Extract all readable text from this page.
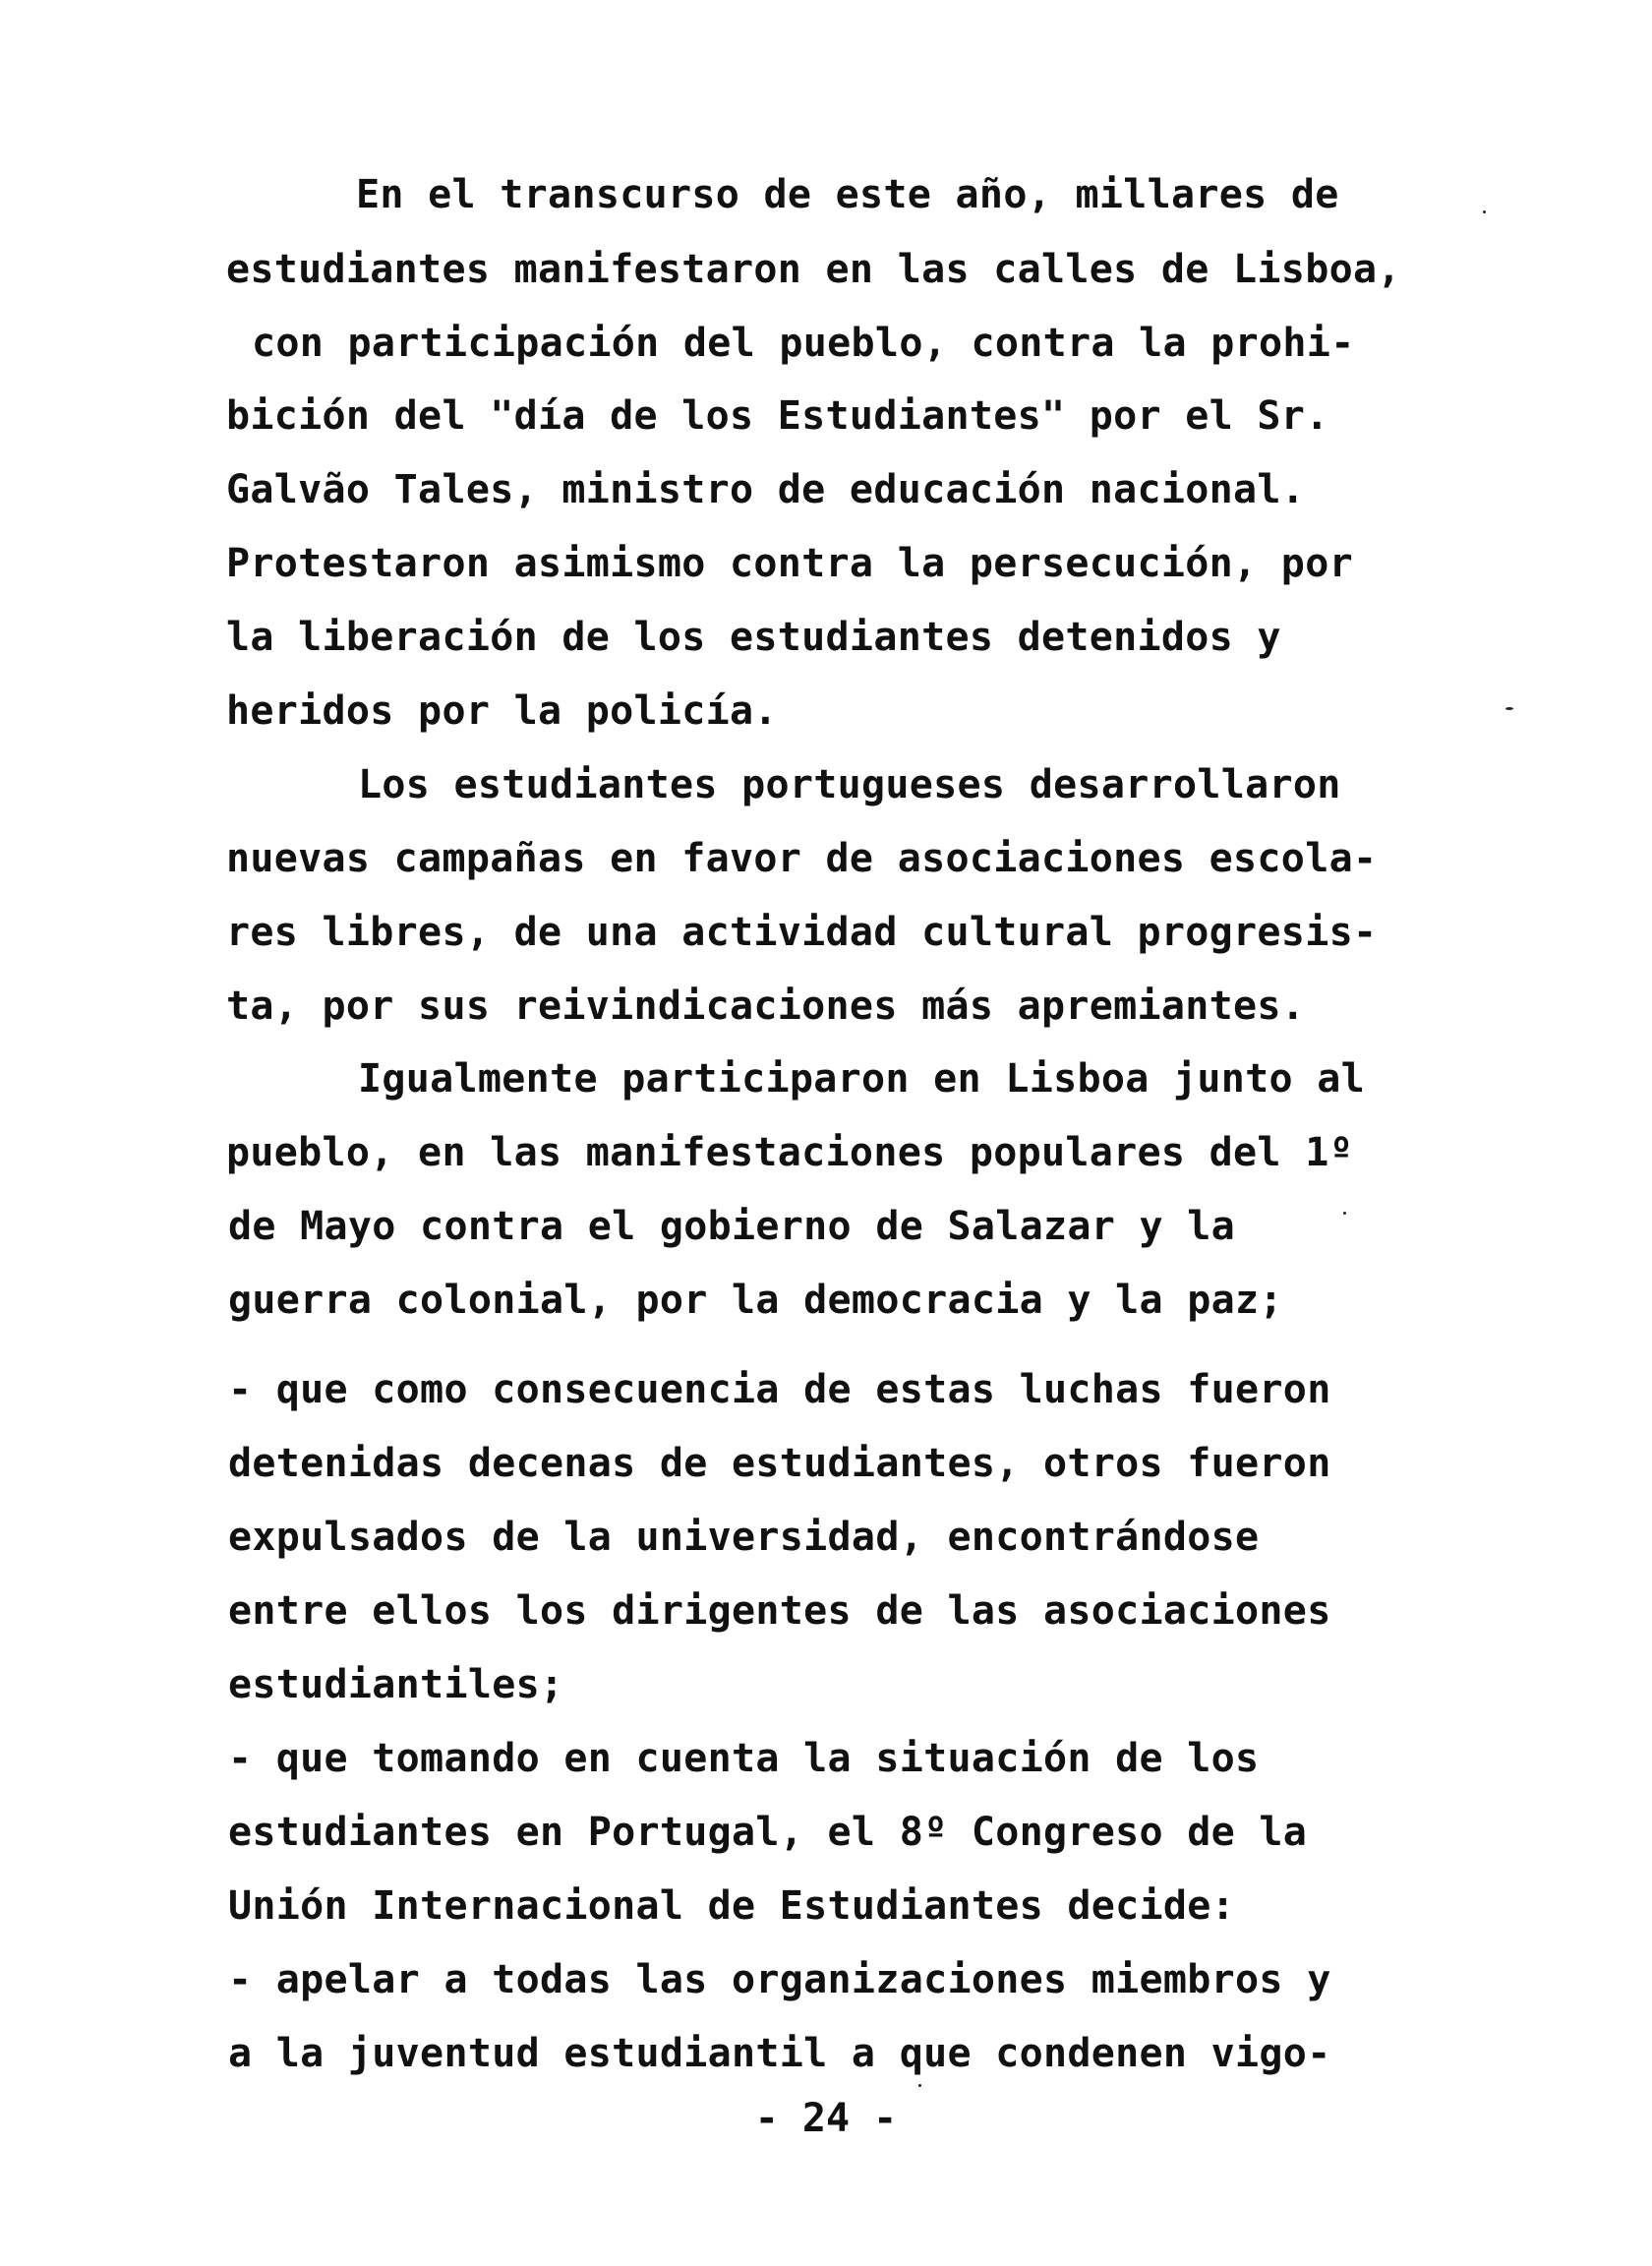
En el transcurso de este año, millares de
estudiantes manifestaron en las calles de Lisboa,
con participación del pueblo, contra la prohi-
bición del "día de los Estudiantes" por el Sr.
Galvão Tales, ministro de educación nacional.
Protestaron asimismo contra la persecución, por
la liberación de los estudiantes detenidos y
heridos por la policía.
Los estudiantes portugueses desarrollaron
nuevas campañas en favor de asociaciones escola-
res libres, de una actividad cultural progresis-
ta, por sus reivindicaciones más apremiantes.
Igualmente participaron en Lisboa junto al
pueblo, en las manifestaciones populares del 1º
de Mayo contra el gobierno de Salazar y la
guerra colonial, por la democracia y la paz;
- que como consecuencia de estas luchas fueron
detenidas decenas de estudiantes, otros fueron
expulsados de la universidad, encontrándose
entre ellos los dirigentes de las asociaciones
estudiantiles;
- que tomando en cuenta la situación de los
estudiantes en Portugal, el 8º Congreso de la
Unión Internacional de Estudiantes decide:
- apelar a todas las organizaciones miembros y
a la juventud estudiantil a que condenen vigo-
- 24 -
